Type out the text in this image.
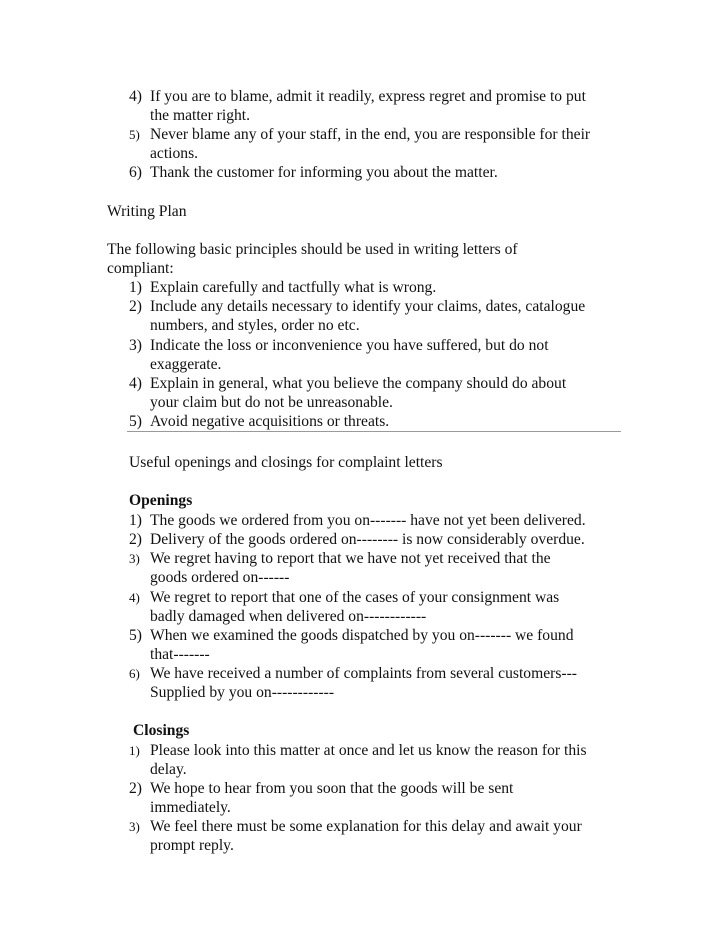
4) If you are to blame, admit it readily, express regret and promise to put
the matter right.
5) Never blame any of your staff, in the end, you are responsible for their
actions.
6) Thank the customer for informing you about the matter.
Writing Plan
The following basic principles should be used in writing letters of
compliant:
1) Explain carefully and tactfully what is wrong.
2) Include any details necessary to identify your claims, dates, catalogue
numbers, and styles, order no etc.
3) Indicate the loss or inconvenience you have suffered, but do not
exaggerate.
4) Explain in general, what you believe the company should do about
your claim but do not be unreasonable.
5) Avoid negative acquisitions or threats.
Useful openings and closings for complaint letters
Openings
1) The goods we ordered from you on------- have not yet been delivered.
2) Delivery of the goods ordered on-------- is now considerably overdue.
3) We regret having to report that we have not yet received that the
goods ordered on------
4) We regret to report that one of the cases of your consignment was
badly damaged when delivered on------------
5) When we examined the goods dispatched by you on------- we found
that-------
6) We have received a number of complaints from several customers---
Supplied by you on------------
Closings
1) Please look into this matter at once and let us know the reason for this
delay.
2) We hope to hear from you soon that the goods will be sent
immediately.
3) We feel there must be some explanation for this delay and await your
prompt reply.
